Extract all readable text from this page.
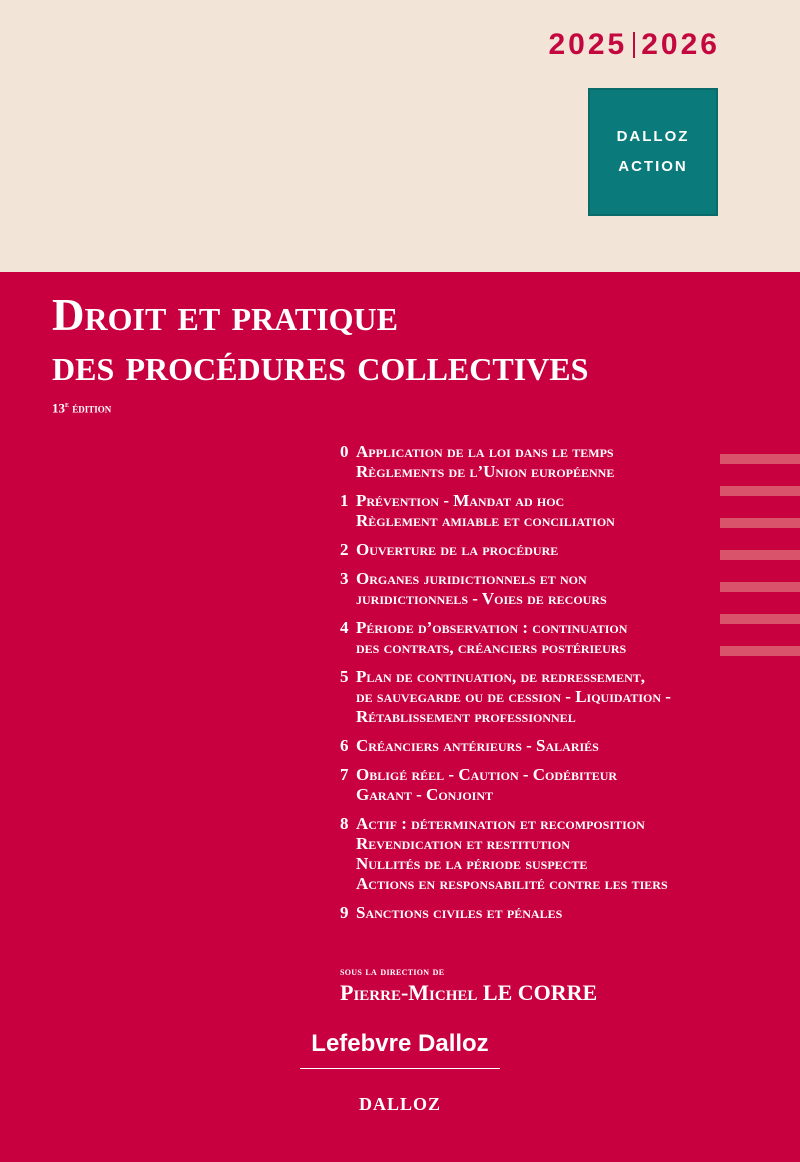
2025 2026
DALLOZ
ACTION
Droit et pratique
des procédures collectives
13e édition
0 Application de la loi dans le temps
Règlements de l’Union européenne
1 Prévention - Mandat ad hoc
Règlement amiable et conciliation
2 Ouverture de la procédure
3 Organes juridictionnels et non
juridictionnels - Voies de recours
4 Période d’observation : continuation
des contrats, créanciers postérieurs
5 Plan de continuation, de redressement,
de sauvegarde ou de cession - Liquidation -
Rétablissement professionnel
6 Créanciers antérieurs - Salariés
7 Obligé réel - Caution - Codébiteur
Garant - Conjoint
8 Actif : détermination et recomposition
Revendication et restitution
Nullités de la période suspecte
Actions en responsabilité contre les tiers
9 Sanctions civiles et pénales
sous la direction de
Pierre-Michel LE CORRE
Lefebvre Dalloz
DALLOZ
